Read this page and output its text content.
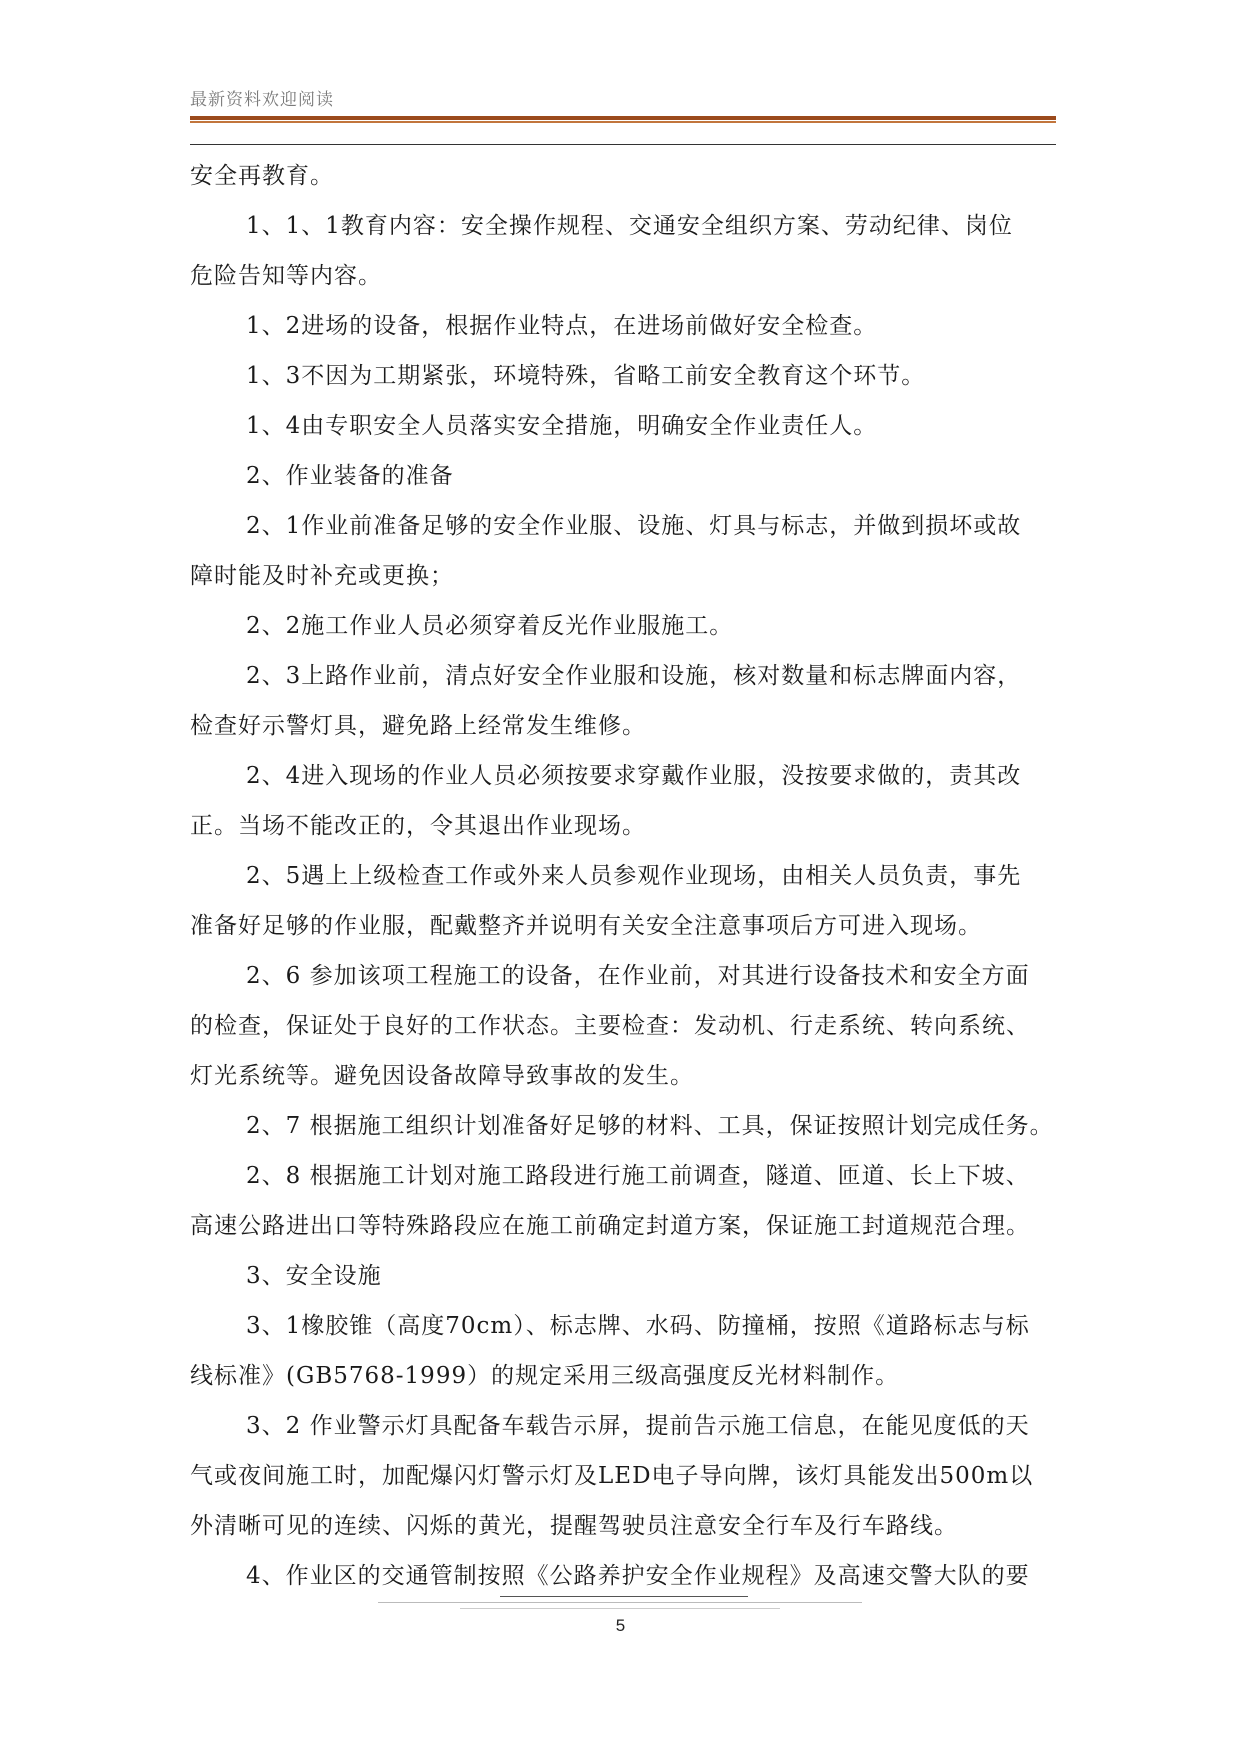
最新资料欢迎阅读
安全再教育。
1、1、1教育内容：安全操作规程、交通安全组织方案、劳动纪律、岗位
危险告知等内容。
1、2进场的设备，根据作业特点，在进场前做好安全检查。
1、3不因为工期紧张，环境特殊，省略工前安全教育这个环节。
1、4由专职安全人员落实安全措施，明确安全作业责任人。
2、作业装备的准备
2、1作业前准备足够的安全作业服、设施、灯具与标志，并做到损坏或故
障时能及时补充或更换；
2、2施工作业人员必须穿着反光作业服施工。
2、3上路作业前，清点好安全作业服和设施，核对数量和标志牌面内容，
检查好示警灯具，避免路上经常发生维修。
2、4进入现场的作业人员必须按要求穿戴作业服，没按要求做的，责其改
正。当场不能改正的，令其退出作业现场。
2、5遇上上级检查工作或外来人员参观作业现场，由相关人员负责，事先
准备好足够的作业服，配戴整齐并说明有关安全注意事项后方可进入现场。
2、6 参加该项工程施工的设备，在作业前，对其进行设备技术和安全方面
的检查，保证处于良好的工作状态。主要检查：发动机、行走系统、转向系统、
灯光系统等。避免因设备故障导致事故的发生。
2、7 根据施工组织计划准备好足够的材料、工具，保证按照计划完成任务。
2、8 根据施工计划对施工路段进行施工前调查，隧道、匝道、长上下坡、
高速公路进出口等特殊路段应在施工前确定封道方案，保证施工封道规范合理。
3、安全设施
3、1橡胶锥（高度70cm）、标志牌、水码、防撞桶，按照《道路标志与标
线标准》(GB5768-1999）的规定采用三级高强度反光材料制作。
3、2 作业警示灯具配备车载告示屏，提前告示施工信息，在能见度低的天
气或夜间施工时，加配爆闪灯警示灯及LED电子导向牌，该灯具能发出500m以
外清晰可见的连续、闪烁的黄光，提醒驾驶员注意安全行车及行车路线。
4、作业区的交通管制按照《公路养护安全作业规程》及高速交警大队的要
5
